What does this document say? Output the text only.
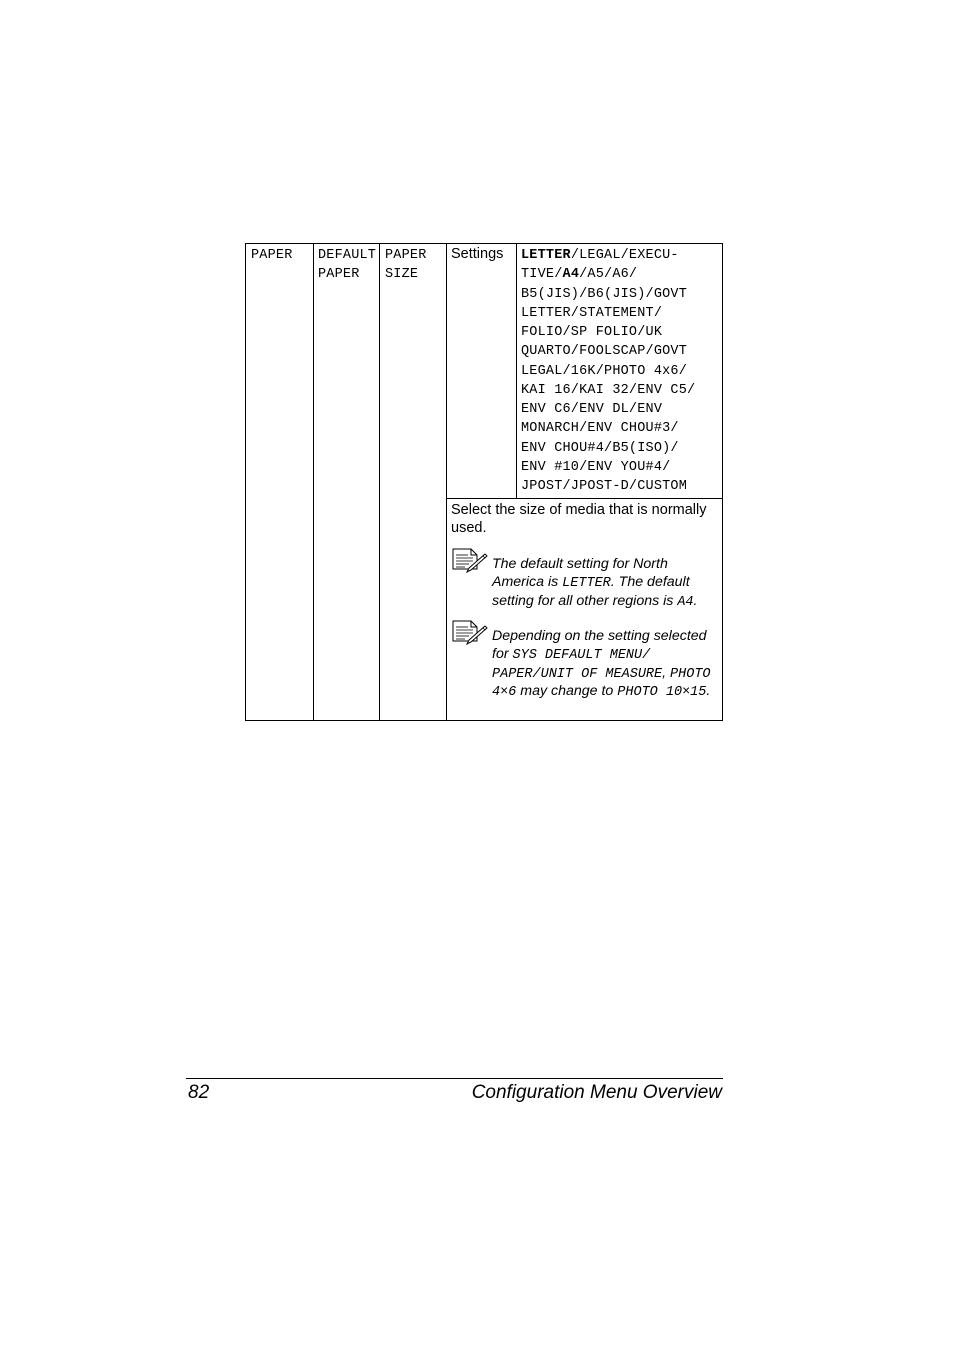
PAPER DEFAULT
PAPER
PAPER
SIZE
Settings LETTER/LEGAL/EXECU-
TIVE/A4/A5/A6/
B5(JIS)/B6(JIS)/GOVT
LETTER/STATEMENT/
FOLIO/SP FOLIO/UK
QUARTO/FOOLSCAP/GOVT
LEGAL/16K/PHOTO 4x6/
KAI 16/KAI 32/ENV C5/
ENV C6/ENV DL/ENV
MONARCH/ENV CHOU#3/
ENV CHOU#4/B5(ISO)/
ENV #10/ENV YOU#4/
JPOST/JPOST-D/CUSTOM
Select the size of media that is normally used.
The default setting for North America is LETTER. The default setting for all other regions is A4.
Depending on the setting selected for SYS DEFAULT MENU/ PAPER/UNIT OF MEASURE, PHOTO 4×6 may change to PHOTO 10×15.
82	Configuration Menu Overview
